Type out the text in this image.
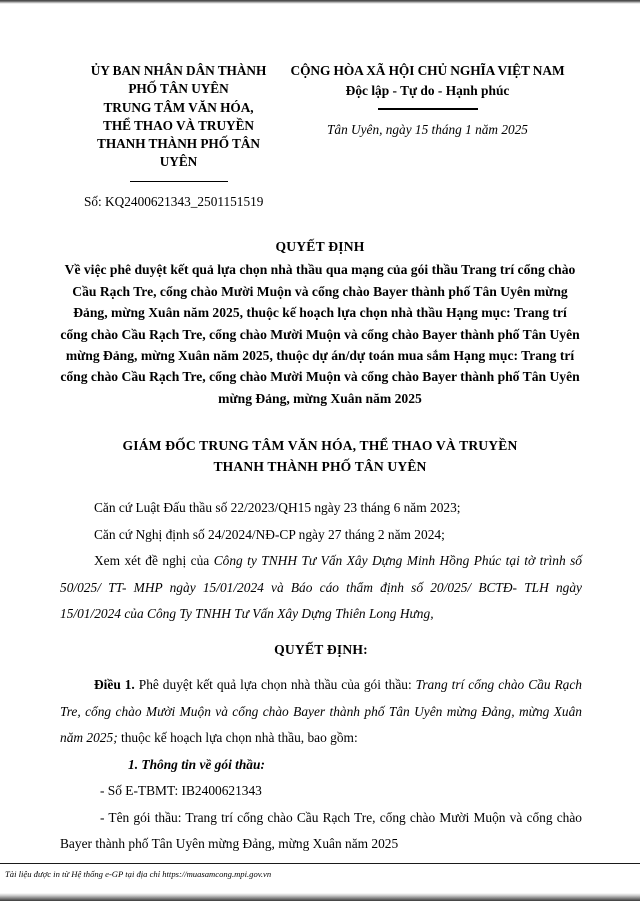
ỦY BAN NHÂN DÂN THÀNH
PHỐ TÂN UYÊN
TRUNG TÂM VĂN HÓA,
THỂ THAO VÀ TRUYỀN
THANH THÀNH PHỐ TÂN
UYÊN
Số: KQ2400621343_2501151519
CỘNG HÒA XÃ HỘI CHỦ NGHĨA VIỆT NAM
Độc lập - Tự do - Hạnh phúc
Tân Uyên, ngày 15 tháng 1 năm 2025
QUYẾT ĐỊNH
Về việc phê duyệt kết quả lựa chọn nhà thầu qua mạng của gói thầu Trang trí cổng chào Cầu Rạch Tre, cổng chào Mười Muộn và cổng chào Bayer thành phố Tân Uyên mừng Đảng, mừng Xuân năm 2025, thuộc kế hoạch lựa chọn nhà thầu Hạng mục: Trang trí cổng chào Cầu Rạch Tre, cổng chào Mười Muộn và cổng chào Bayer thành phố Tân Uyên mừng Đảng, mừng Xuân năm 2025, thuộc dự án/dự toán mua sắm Hạng mục: Trang trí cổng chào Cầu Rạch Tre, cổng chào Mười Muộn và cổng chào Bayer thành phố Tân Uyên mừng Đảng, mừng Xuân năm 2025
GIÁM ĐỐC TRUNG TÂM VĂN HÓA, THỂ THAO VÀ TRUYỀN
THANH THÀNH PHỐ TÂN UYÊN

Căn cứ Luật Đấu thầu số 22/2023/QH15 ngày 23 tháng 6 năm 2023;

Căn cứ Nghị định số 24/2024/NĐ-CP ngày 27 tháng 2 năm 2024;

Xem xét đề nghị của Công ty TNHH Tư Vấn Xây Dựng Minh Hồng Phúc tại tờ trình số 50/025/ TT- MHP ngày 15/01/2024 và Báo cáo thẩm định số 20/025/ BCTĐ- TLH ngày 15/01/2024 của Công Ty TNHH Tư Vấn Xây Dựng Thiên Long Hưng,

QUYẾT ĐỊNH:

Điều 1. Phê duyệt kết quả lựa chọn nhà thầu của gói thầu: Trang trí cổng chào Cầu Rạch Tre, cổng chào Mười Muộn và cổng chào Bayer thành phố Tân Uyên mừng Đảng, mừng Xuân năm 2025; thuộc kế hoạch lựa chọn nhà thầu, bao gồm:

1. Thông tin về gói thầu:
- Số E-TBMT: IB2400621343
- Tên gói thầu: Trang trí cổng chào Cầu Rạch Tre, cổng chào Mười Muộn và cổng chào Bayer thành phố Tân Uyên mừng Đảng, mừng Xuân năm 2025
Tài liệu được in từ Hệ thống e-GP tại địa chỉ https://muasamcong.mpi.gov.vn
